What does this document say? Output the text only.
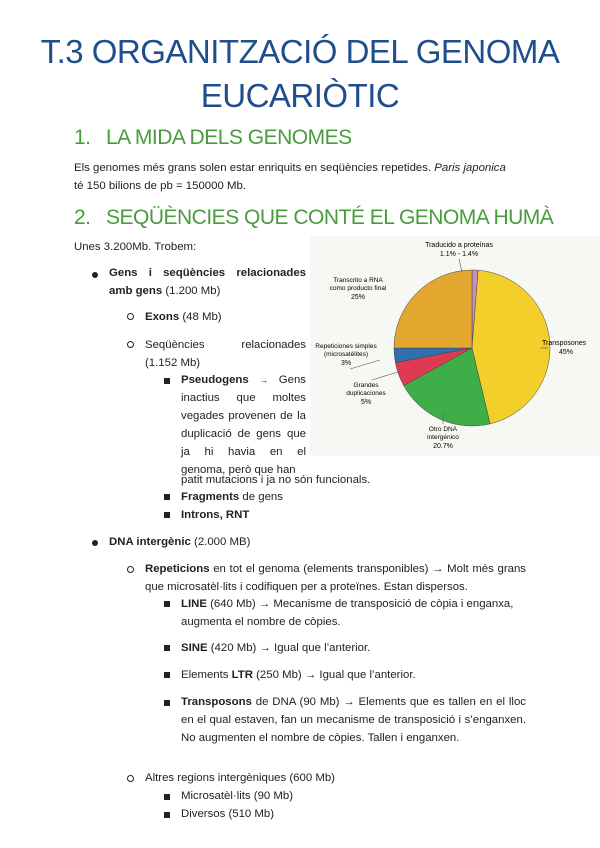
T.3 ORGANITZACIÓ DEL GENOMA
EUCARIÒTIC
1. LA MIDA DELS GENOMES
Els genomes més grans solen estar enriquits en seqüències repetides. Paris japonica
té 150 bilions de pb = 150000 Mb.
2. SEQÜÈNCIES QUE CONTÉ EL GENOMA HUMÀ
Unes 3.200Mb. Trobem:
Gens i seqüències relacionades amb gens (1.200 Mb)
Exons (48 Mb)
Seqüències relacionades (1.152 Mb)
Pseudogens → Gens inactius que moltes vegades provenen de la duplicació de gens que ja hi havia en el genoma, però que han
patit mutacions i ja no són funcionals.
Fragments de gens
Introns, RNT
DNA intergènic (2.000 MB)
Repeticions en tot el genoma (elements transponibles) → Molt més grans que microsatèl·lits i codifiquen per a proteïnes. Estan dispersos.
LINE (640 Mb) → Mecanisme de transposició de còpia i enganxa, augmenta el nombre de còpies.
SINE (420 Mb) → Igual que l’anterior.
Elements LTR (250 Mb) → Igual que l’anterior.
Transposons de DNA (90 Mb) → Elements que es tallen en el lloc en el qual estaven, fan un mecanisme de transposició i s’enganxen. No augmenten el nombre de còpies. Tallen i enganxen.
Altres regions intergèniques (600 Mb)
Microsatèl·lits (90 Mb)
Diversos (510 Mb)
Traducido a proteínas
1.1% - 1.4%
Transposones
45%
Otro DNA
intergénico
20.7%
Grandes
duplicaciones
5%
Repeticiones simples
(microsatélites)
3%
Transcrito a RNA
como producto final
25%
